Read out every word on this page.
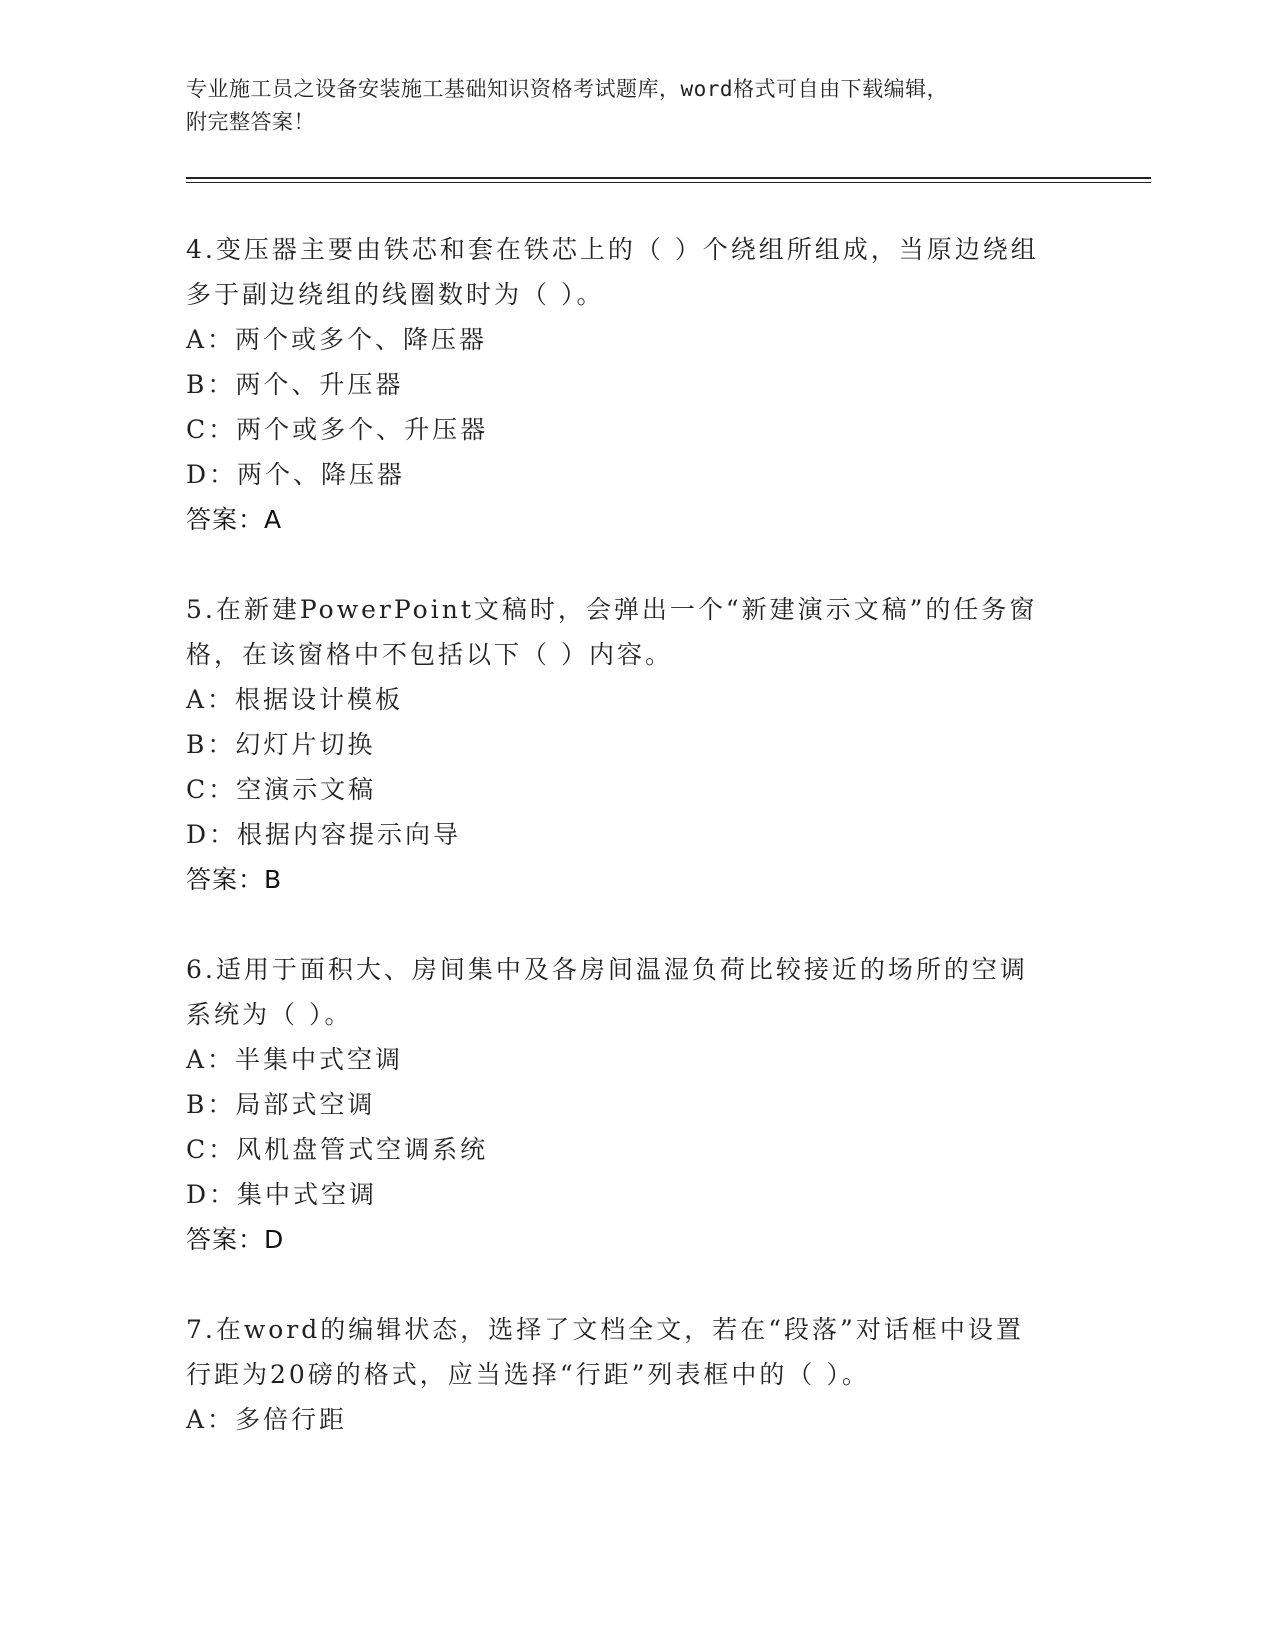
专业施工员之设备安装施工基础知识资格考试题库，word格式可自由下载编辑，
附完整答案！
4.变压器主要由铁芯和套在铁芯上的（ ）个绕组所组成，当原边绕组
多于副边绕组的线圈数时为（ ）。
A：两个或多个、降压器
B：两个、升压器
C：两个或多个、升压器
D：两个、降压器
答案：A
5.在新建PowerPoint文稿时，会弹出一个“新建演示文稿”的任务窗
格，在该窗格中不包括以下（ ）内容。
A：根据设计模板
B：幻灯片切换
C：空演示文稿
D：根据内容提示向导
答案：B
6.适用于面积大、房间集中及各房间温湿负荷比较接近的场所的空调
系统为（ ）。
A：半集中式空调
B：局部式空调
C：风机盘管式空调系统
D：集中式空调
答案：D
7.在word的编辑状态，选择了文档全文，若在“段落”对话框中设置
行距为20磅的格式，应当选择“行距”列表框中的（ ）。
A：多倍行距
